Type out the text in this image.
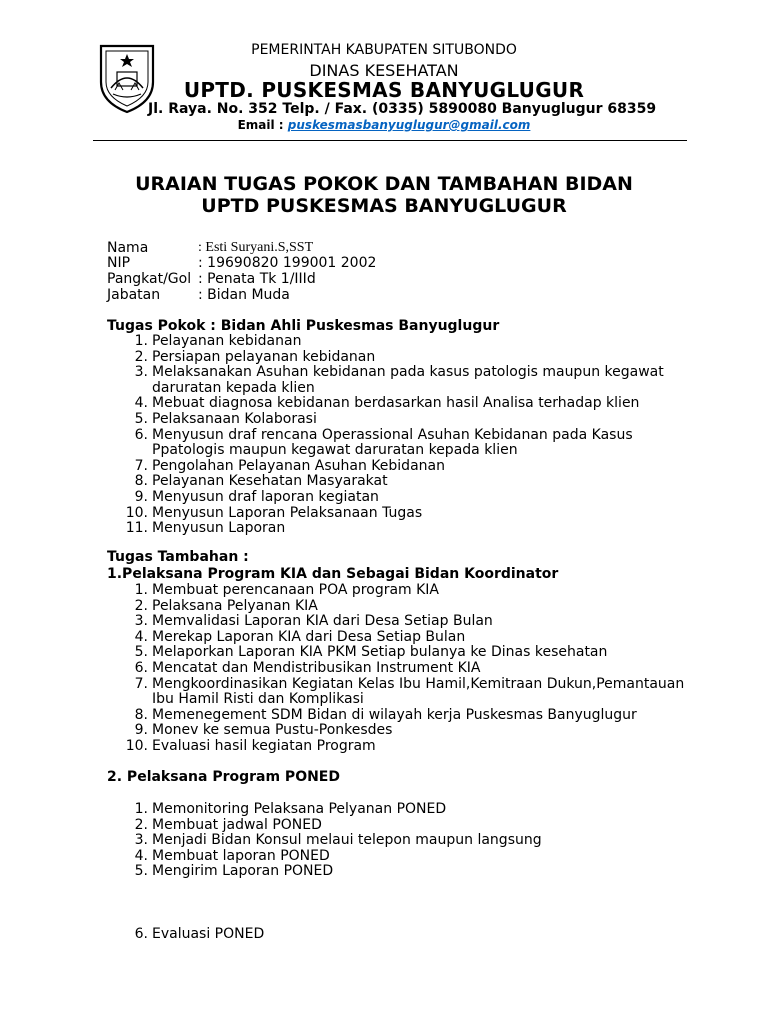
PEMERINTAH KABUPATEN SITUBONDO
DINAS KESEHATAN
UPTD. PUSKESMAS BANYUGLUGUR
Jl. Raya. No. 352 Telp. / Fax. (0335) 5890080 Banyuglugur 68359
Email : puskesmasbanyuglugur@gmail.com
URAIAN TUGAS POKOK DAN TAMBAHAN BIDAN
UPTD PUSKESMAS BANYUGLUGUR
Nama	: Esti Suryani.S,SST
NIP	: 19690820 199001 2002
Pangkat/Gol : Penata Tk 1/IIId
Jabatan	: Bidan Muda
Tugas Pokok : Bidan Ahli Puskesmas Banyuglugur
1. Pelayanan kebidanan
2. Persiapan pelayanan kebidanan
3. Melaksanakan Asuhan kebidanan pada kasus patologis maupun kegawat
daruratan kepada klien
4. Mebuat diagnosa kebidanan berdasarkan hasil Analisa terhadap klien
5. Pelaksanaan Kolaborasi
6. Menyusun draf rencana Operassional Asuhan Kebidanan pada Kasus
Ppatologis maupun kegawat daruratan kepada klien
7. Pengolahan Pelayanan Asuhan Kebidanan
8. Pelayanan Kesehatan Masyarakat
9. Menyusun draf laporan kegiatan
10. Menyusun Laporan Pelaksanaan Tugas
11. Menyusun Laporan
Tugas Tambahan :
1.Pelaksana Program KIA dan Sebagai Bidan Koordinator
1. Membuat perencanaan POA program KIA
2. Pelaksana Pelyanan KIA
3. Memvalidasi Laporan KIA dari Desa Setiap Bulan
4. Merekap Laporan KIA dari Desa Setiap Bulan
5. Melaporkan Laporan KIA PKM Setiap bulanya ke Dinas kesehatan
6. Mencatat dan Mendistribusikan Instrument KIA
7. Mengkoordinasikan Kegiatan Kelas Ibu Hamil,Kemitraan Dukun,Pemantauan
Ibu Hamil Risti dan Komplikasi
8. Memenegement SDM Bidan di wilayah kerja Puskesmas Banyuglugur
9. Monev ke semua Pustu-Ponkesdes
10. Evaluasi hasil kegiatan Program
2. Pelaksana Program PONED
1. Memonitoring Pelaksana Pelyanan PONED
2. Membuat jadwal PONED
3. Menjadi Bidan Konsul melaui telepon maupun langsung
4. Membuat laporan PONED
5. Mengirim Laporan PONED
6. Evaluasi PONED
